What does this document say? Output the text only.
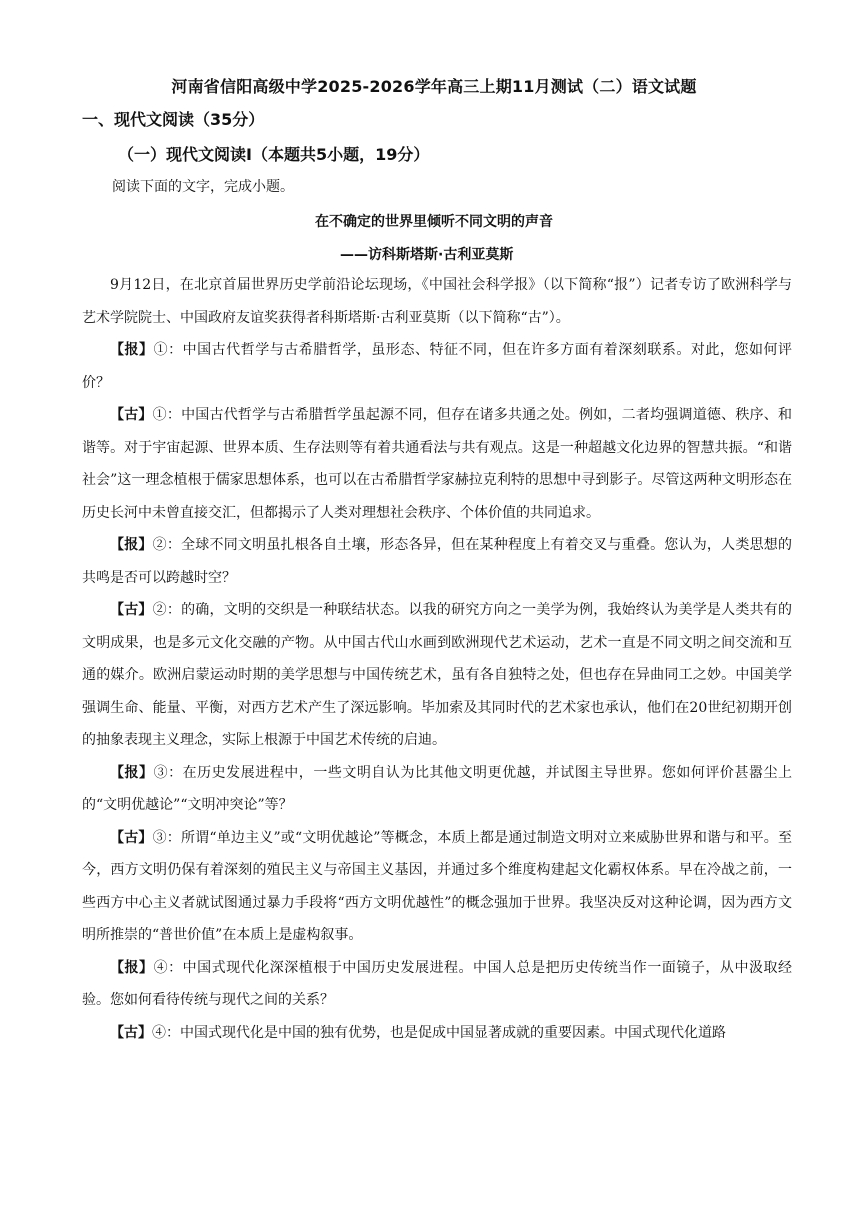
河南省信阳高级中学2025-2026学年高三上期11月测试（二）语文试题
一、现代文阅读（35分）
（一）现代文阅读Ⅰ（本题共5小题，19分）
阅读下面的文字，完成小题。
在不确定的世界里倾听不同文明的声音
——访科斯塔斯·古利亚莫斯

9月12日，在北京首届世界历史学前沿论坛现场，《中国社会科学报》（以下简称“报”）记者专访了欧洲科学与艺术学院院士、中国政府友谊奖获得者科斯塔斯·古利亚莫斯（以下简称“古”）。

【报】①：中国古代哲学与古希腊哲学，虽形态、特征不同，但在许多方面有着深刻联系。对此，您如何评价？

【古】①：中国古代哲学与古希腊哲学虽起源不同，但存在诸多共通之处。例如，二者均强调道德、秩序、和谐等。对于宇宙起源、世界本质、生存法则等有着共通看法与共有观点。这是一种超越文化边界的智慧共振。“和谐社会”这一理念植根于儒家思想体系，也可以在古希腊哲学家赫拉克利特的思想中寻到影子。尽管这两种文明形态在历史长河中未曾直接交汇，但都揭示了人类对理想社会秩序、个体价值的共同追求。

【报】②：全球不同文明虽扎根各自土壤，形态各异，但在某种程度上有着交叉与重叠。您认为，人类思想的共鸣是否可以跨越时空？

【古】②：的确，文明的交织是一种联结状态。以我的研究方向之一美学为例，我始终认为美学是人类共有的文明成果，也是多元文化交融的产物。从中国古代山水画到欧洲现代艺术运动，艺术一直是不同文明之间交流和互通的媒介。欧洲启蒙运动时期的美学思想与中国传统艺术，虽有各自独特之处，但也存在异曲同工之妙。中国美学强调生命、能量、平衡，对西方艺术产生了深远影响。毕加索及其同时代的艺术家也承认，他们在20世纪初期开创的抽象表现主义理念，实际上根源于中国艺术传统的启迪。

【报】③：在历史发展进程中，一些文明自认为比其他文明更优越，并试图主导世界。您如何评价甚嚣尘上的“文明优越论”“文明冲突论”等？

【古】③：所谓“单边主义”或“文明优越论”等概念，本质上都是通过制造文明对立来威胁世界和谐与和平。至今，西方文明仍保有着深刻的殖民主义与帝国主义基因，并通过多个维度构建起文化霸权体系。早在冷战之前，一些西方中心主义者就试图通过暴力手段将“西方文明优越性”的概念强加于世界。我坚决反对这种论调，因为西方文明所推崇的“普世价值”在本质上是虚构叙事。

【报】④：中国式现代化深深植根于中国历史发展进程。中国人总是把历史传统当作一面镜子，从中汲取经验。您如何看待传统与现代之间的关系？

【古】④：中国式现代化是中国的独有优势，也是促成中国显著成就的重要因素。中国式现代化道路
